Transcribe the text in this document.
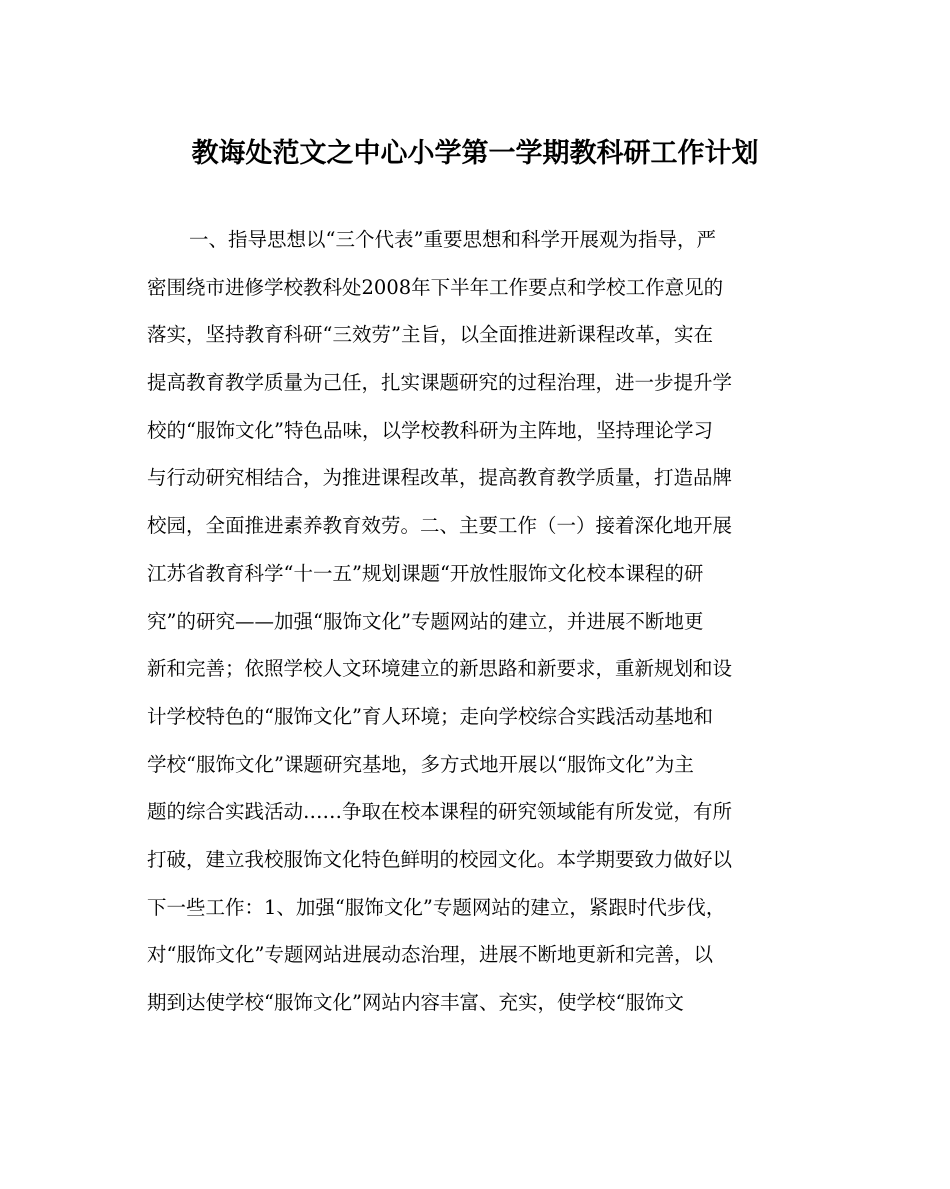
教诲处范文之中心小学第一学期教科研工作计划
一、指导思想以“三个代表”重要思想和科学开展观为指导，严
密围绕市进修学校教科处2008年下半年工作要点和学校工作意见的
落实，坚持教育科研“三效劳”主旨，以全面推进新课程改革，实在
提高教育教学质量为己任，扎实课题研究的过程治理，进一步提升学
校的“服饰文化”特色品味，以学校教科研为主阵地，坚持理论学习
与行动研究相结合，为推进课程改革，提高教育教学质量，打造品牌
校园，全面推进素养教育效劳。二、主要工作（一）接着深化地开展
江苏省教育科学“十一五”规划课题“开放性服饰文化校本课程的研
究”的研究——加强“服饰文化”专题网站的建立，并进展不断地更
新和完善；依照学校人文环境建立的新思路和新要求，重新规划和设
计学校特色的“服饰文化”育人环境；走向学校综合实践活动基地和
学校“服饰文化”课题研究基地，多方式地开展以“服饰文化”为主
题的综合实践活动……争取在校本课程的研究领域能有所发觉，有所
打破，建立我校服饰文化特色鲜明的校园文化。本学期要致力做好以
下一些工作：1、加强“服饰文化”专题网站的建立，紧跟时代步伐，
对“服饰文化”专题网站进展动态治理，进展不断地更新和完善，以
期到达使学校“服饰文化”网站内容丰富、充实，使学校“服饰文
